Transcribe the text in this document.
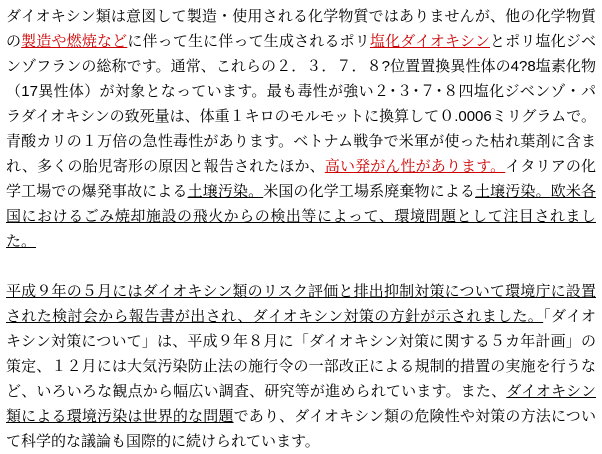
ダイオキシン類は意図して製造・使用される化学物質ではありませんが、他の化学物質の製造や燃焼などに伴って生に伴って生成されるポリ塩化ダイオキシンとポリ塩化ジベンゾフランの総称です。通常、これらの２．３．７．８?位置置換異性体の4?8塩素化物（17異性体）が対象となっています。最も毒性が強い２･３･７･８四塩化ジベンゾ・パラダイオキシンの致死量は、体重１キロのモルモットに換算して０.0006ミリグラムで。青酸カリの１万倍の急性毒性があります。ベトナム戦争で米軍が使った枯れ葉剤に含まれ、多くの胎児寄形の原因と報告されたほか、高い発がん性があります。イタリアの化学工場での爆発事故による土壌汚染。米国の化学工場系廃棄物による土壌汚染。欧米各国におけるごみ焼却施設の飛火からの検出等によって、環境問題として注目されました。

平成９年の５月にはダイオキシン類のリスク評価と排出抑制対策について環境庁に設置された検討会から報告書が出され、ダイオキシン対策の方針が示されました。「ダイオキシン対策について」は、平成９年８月に「ダイオキシン対策に関する５カ年計画」の策定、１２月には大気汚染防止法の施行令の一部改正による規制的措置の実施を行うなど、いろいろな観点から幅広い調査、研究等が進められています。また、ダイオキシン類による環境汚染は世界的な問題であり、ダイオキシン類の危険性や対策の方法について科学的な議論も国際的に続けられています。
